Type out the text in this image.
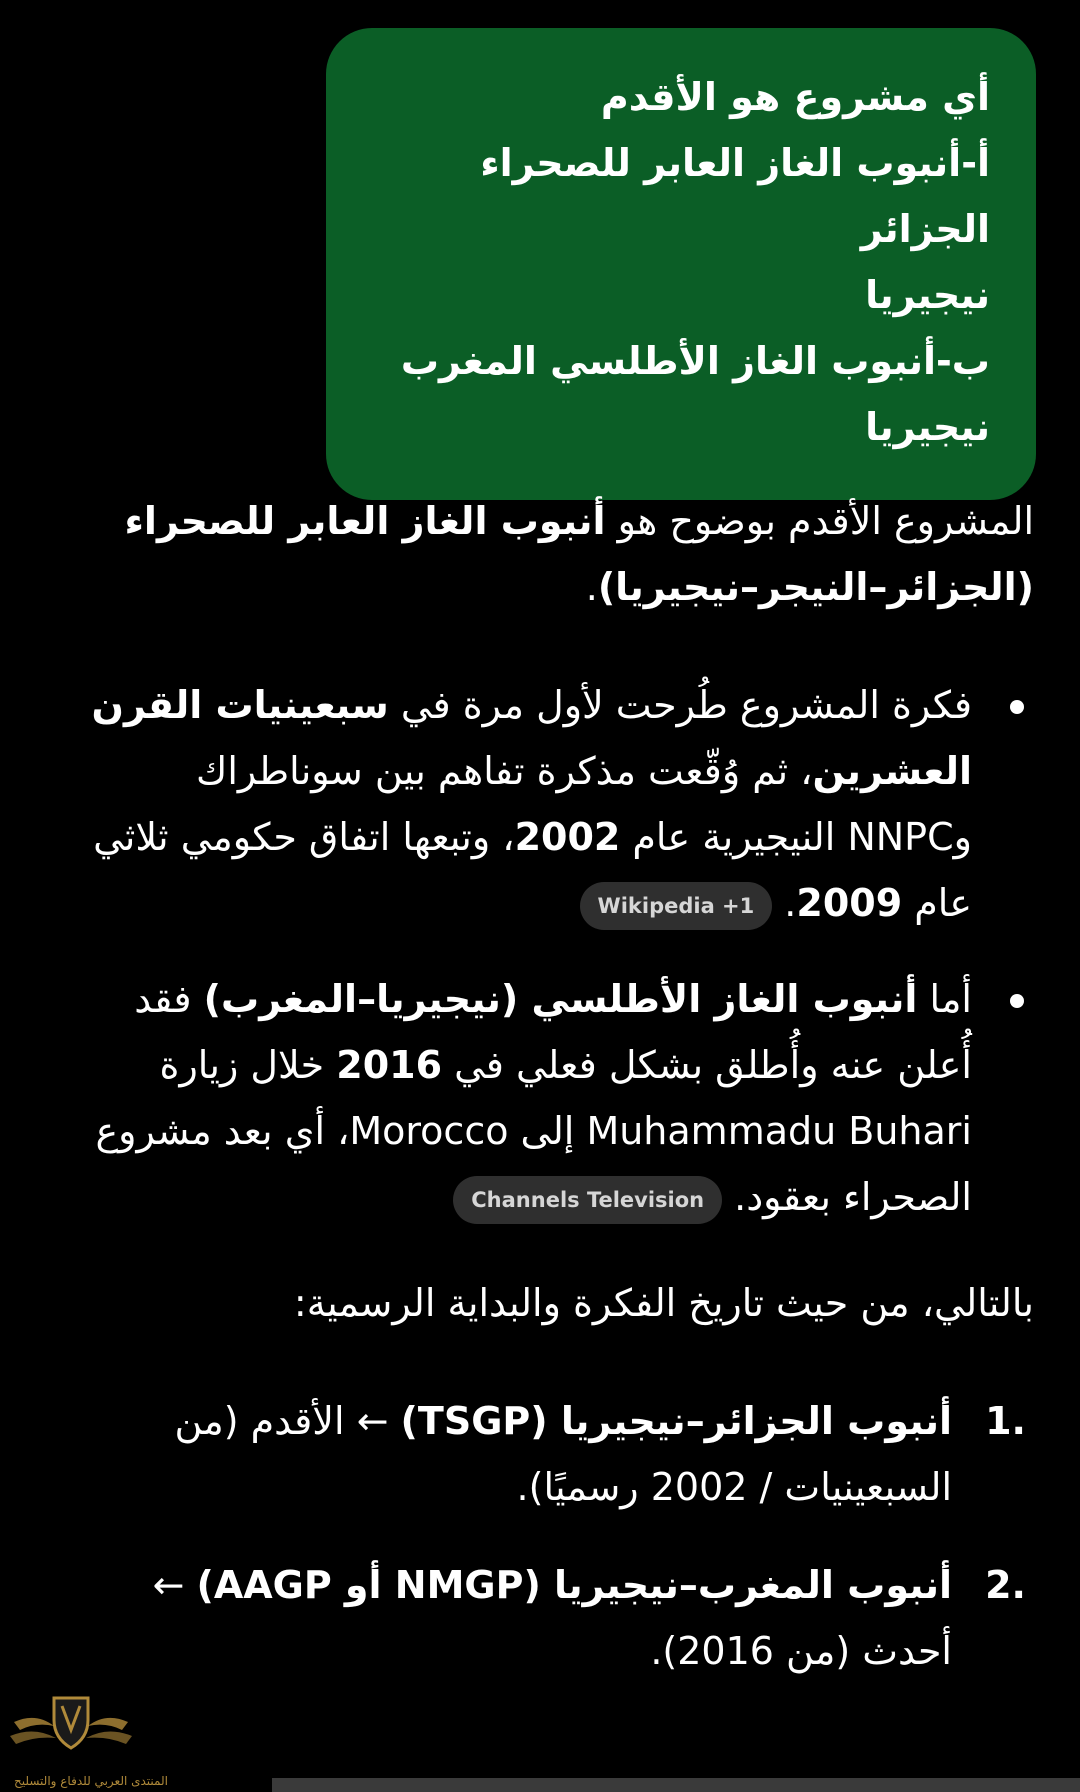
أي مشروع هو الأقدم
أ-أنبوب الغاز العابر للصحراء الجزائر
نيجيريا
ب-أنبوب الغاز الأطلسي المغرب
نيجيريا

المشروع الأقدم بوضوح هو أنبوب الغاز العابر للصحراء (الجزائر–النيجر–نيجيريا).

فكرة المشروع طُرحت لأول مرة في سبعينيات القرن العشرين، ثم وُقّعت مذكرة تفاهم بين سوناطراك وNNPC النيجيرية عام 2002، وتبعها اتفاق حكومي ثلاثي عام 2009.Wikipedia +1
أما أنبوب الغاز الأطلسي (نيجيريا–المغرب) فقد أُعلن عنه وأُطلق بشكل فعلي في 2016 خلال زيارة Muhammadu Buhari إلى Morocco، أي بعد مشروع الصحراء بعقود.Channels Television

بالتالي، من حيث تاريخ الفكرة والبداية الرسمية:

1.
أنبوب الجزائر–نيجيريا (TSGP) ← الأقدم (من السبعينيات / 2002 رسميًا).
2.
أنبوب المغرب–نيجيريا (NMGP أو AAGP) ← أحدث (من 2016).
المنتدى العربي للدفاع والتسليح
